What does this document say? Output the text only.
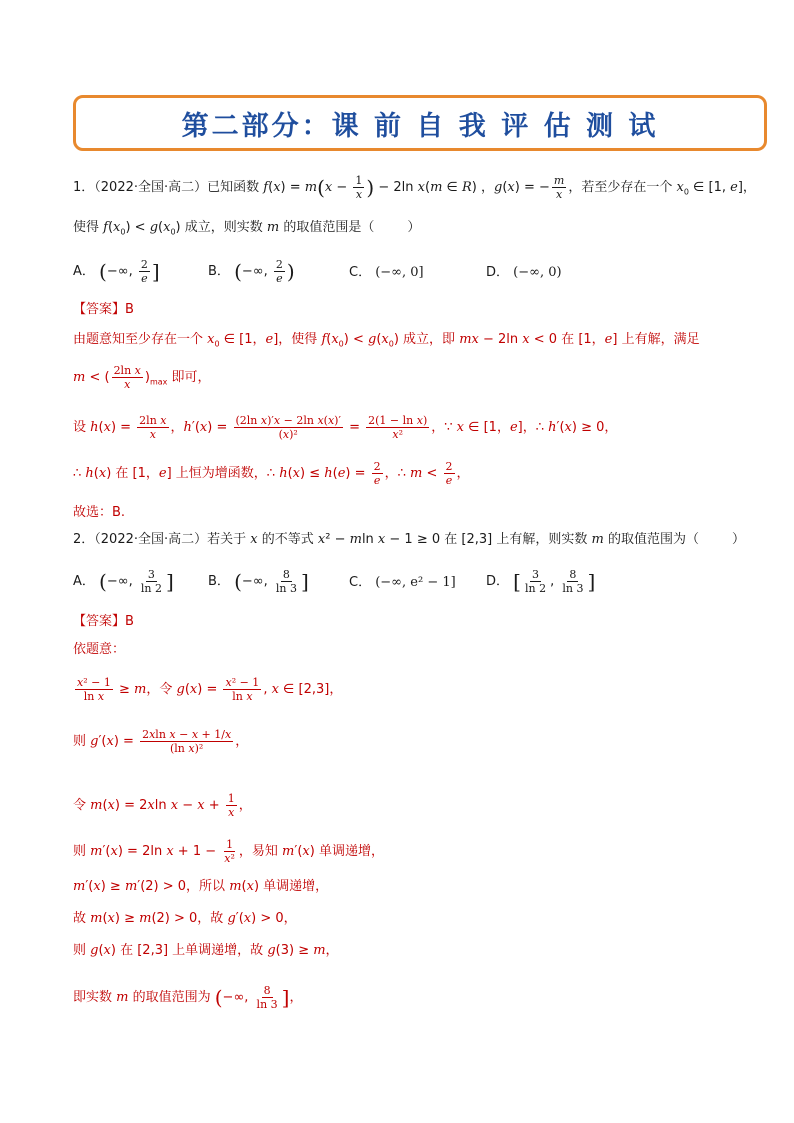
第二部分：课 前 自 我 评 估 测 试
1．（2022·全国·高二）已知函数 $f(x) = m(x - \frac{1}{x}$ ) − 2ln x(m ∈ R) ，g(x) = − $\frac{m}{x}$ ，若至少存在一个 $x_0$ ∈ [1, e]，
使得 $f(x_0) < g(x_0)$ 成立，则实数 m 的取值范围是（        ）
A． (−∞, $\frac{2}{e}$ ]	B． (−∞, $\frac{2}{e}$ )	C． (−∞, 0]	D． (−∞, 0)
【答案】B
由题意知至少存在一个 $x_0$ ∈ [1，e]，使得 $f(x_0) < g(x_0)$ 成立，即 mx − 2ln x < 0 在 [1，e] 上有解，满足
m < ( $\frac{\text{2ln x}}{x} )_{max}$ 即可，
设 $h(x) = \frac{\text{2ln x}}{x}$ ，$h'(x) = \frac{\text{(2ln x)′x − 2ln x(x)′}}{\text{(x)²}} = \frac{\text{2(1 − ln x)}}{\text{x²}}$ ，∵ x ∈ [1，e]，∴ h′(x) ≥ 0，
∴ h(x) 在 [1，e] 上恒为增函数，∴ $h(x) \le h(e) = \frac{2}{e}$ ，∴ $m < \frac{2}{e}$ ，
故选：B.
2．（2022·全国·高二）若关于 x 的不等式 x² − mln x − 1 ≥ 0 在 [2,3] 上有解，则实数 m 的取值范围为（        ）
A． (−∞, $\frac{3}{\ln 2}$ ]	B． (−∞, $\frac{8}{\ln 3}$ ]	C． (−∞, e² − 1] D． [ $\frac{3}{\ln 2}$ , $\frac{8}{\ln 3}$ ]
【答案】B
依题意：
$\frac{\text{x² − 1}}{\text{ln x}} \ge m$，令 $g(x) = \frac{\text{x² − 1}}{\text{ln x}}$ , x ∈ [2,3]，
则 $g'(x) = \frac{\text{2xln x − x + 1/x}}{\text{(ln x)²}}$ ，
令 m(x) = 2xln $x - x + \frac{1}{x}$ ，
则 m′(x) = 2ln $x + 1 - \frac{1}{\text{x²}}$ ，易知 m′(x) 单调递增，
m′(x) ≥ m′(2) > 0，所以 m(x) 单调递增，
故 m(x) ≥ m(2) > 0，故 g′(x) > 0，
则 g(x) 在 [2,3] 上单调递增，故 g(3) ≥ m，
即实数 m 的取值范围为 (−∞, $\frac{8}{\ln 3}$ ]，
